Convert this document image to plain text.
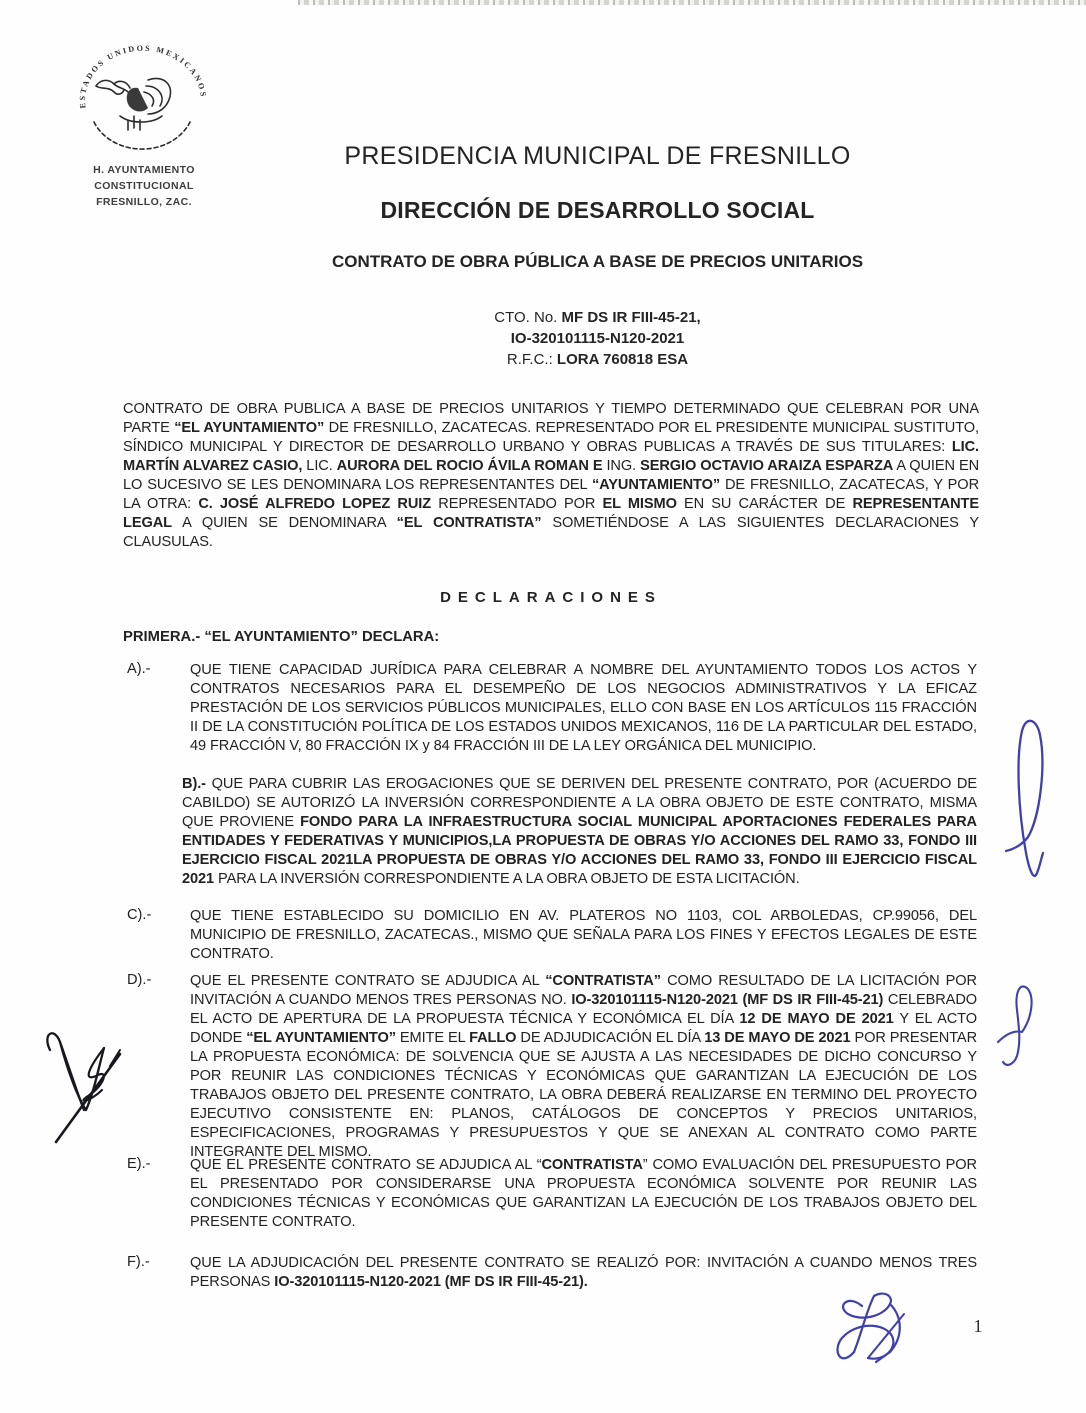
ESTADOS UNIDOS MEXICANOS
H. AYUNTAMIENTO
CONSTITUCIONAL
FRESNILLO, ZAC.
PRESIDENCIA MUNICIPAL DE FRESNILLO
DIRECCIÓN DE DESARROLLO SOCIAL
CONTRATO DE OBRA PÚBLICA A BASE DE PRECIOS UNITARIOS
CTO. No. MF DS IR FIII-45-21,
IO-320101115-N120-2021
R.F.C.: LORA 760818 ESA
CONTRATO DE OBRA PUBLICA A BASE DE PRECIOS UNITARIOS Y TIEMPO DETERMINADO QUE CELEBRAN POR UNA PARTE “EL AYUNTAMIENTO” DE FRESNILLO, ZACATECAS. REPRESENTADO POR EL PRESIDENTE MUNICIPAL SUSTITUTO, SÍNDICO MUNICIPAL Y DIRECTOR DE DESARROLLO URBANO Y OBRAS PUBLICAS A TRAVÉS DE SUS TITULARES: LIC. MARTÍN ALVAREZ CASIO, LIC. AURORA DEL ROCIO ÁVILA ROMAN E ING. SERGIO OCTAVIO ARAIZA ESPARZA A QUIEN EN LO SUCESIVO SE LES DENOMINARA LOS REPRESENTANTES DEL “AYUNTAMIENTO” DE FRESNILLO, ZACATECAS, Y POR LA OTRA: C. JOSÉ ALFREDO LOPEZ RUIZ REPRESENTADO POR EL MISMO EN SU CARÁCTER DE REPRESENTANTE LEGAL A QUIEN SE DENOMINARA “EL CONTRATISTA” SOMETIÉNDOSE A LAS SIGUIENTES DECLARACIONES Y CLAUSULAS.
DECLARACIONES
PRIMERA.- “EL AYUNTAMIENTO” DECLARA:
A).-	QUE TIENE CAPACIDAD JURÍDICA PARA CELEBRAR A NOMBRE DEL AYUNTAMIENTO TODOS LOS ACTOS Y CONTRATOS NECESARIOS PARA EL DESEMPEÑO DE LOS NEGOCIOS ADMINISTRATIVOS Y LA EFICAZ PRESTACIÓN DE LOS SERVICIOS PÚBLICOS MUNICIPALES, ELLO CON BASE EN LOS ARTÍCULOS 115 FRACCIÓN II DE LA CONSTITUCIÓN POLÍTICA DE LOS ESTADOS UNIDOS MEXICANOS, 116 DE LA PARTICULAR DEL ESTADO, 49 FRACCIÓN V, 80 FRACCIÓN IX y 84 FRACCIÓN III DE LA LEY ORGÁNICA DEL MUNICIPIO.
B).- QUE PARA CUBRIR LAS EROGACIONES QUE SE DERIVEN DEL PRESENTE CONTRATO, POR (ACUERDO DE CABILDO) SE AUTORIZÓ LA INVERSIÓN CORRESPONDIENTE A LA OBRA OBJETO DE ESTE CONTRATO, MISMA QUE PROVIENE FONDO PARA LA INFRAESTRUCTURA SOCIAL MUNICIPAL APORTACIONES FEDERALES PARA ENTIDADES Y FEDERATIVAS Y MUNICIPIOS,LA PROPUESTA DE OBRAS Y/O ACCIONES DEL RAMO 33, FONDO III EJERCICIO FISCAL 2021LA PROPUESTA DE OBRAS Y/O ACCIONES DEL RAMO 33, FONDO III EJERCICIO FISCAL 2021 PARA LA INVERSIÓN CORRESPONDIENTE A LA OBRA OBJETO DE ESTA LICITACIÓN.
C).-	QUE TIENE ESTABLECIDO SU DOMICILIO EN AV. PLATEROS NO 1103, COL ARBOLEDAS, CP.99056, DEL MUNICIPIO DE FRESNILLO, ZACATECAS., MISMO QUE SEÑALA PARA LOS FINES Y EFECTOS LEGALES DE ESTE CONTRATO.
D).-	QUE EL PRESENTE CONTRATO SE ADJUDICA AL “CONTRATISTA” COMO RESULTADO DE LA LICITACIÓN POR INVITACIÓN A CUANDO MENOS TRES PERSONAS NO. IO-320101115-N120-2021 (MF DS IR FIII-45-21) CELEBRADO EL ACTO DE APERTURA DE LA PROPUESTA TÉCNICA Y ECONÓMICA EL DÍA 12 DE MAYO DE 2021 Y EL ACTO DONDE “EL AYUNTAMIENTO” EMITE EL FALLO DE ADJUDICACIÓN EL DÍA 13 DE MAYO DE 2021 POR PRESENTAR LA PROPUESTA ECONÓMICA: DE SOLVENCIA QUE SE AJUSTA A LAS NECESIDADES DE DICHO CONCURSO Y POR REUNIR LAS CONDICIONES TÉCNICAS Y ECONÓMICAS QUE GARANTIZAN LA EJECUCIÓN DE LOS TRABAJOS OBJETO DEL PRESENTE CONTRATO, LA OBRA DEBERÁ REALIZARSE EN TERMINO DEL PROYECTO EJECUTIVO CONSISTENTE EN: PLANOS, CATÁLOGOS DE CONCEPTOS Y PRECIOS UNITARIOS, ESPECIFICACIONES, PROGRAMAS Y PRESUPUESTOS Y QUE SE ANEXAN AL CONTRATO COMO PARTE INTEGRANTE DEL MISMO.
E).-	QUE EL PRESENTE CONTRATO SE ADJUDICA AL “CONTRATISTA” COMO EVALUACIÓN DEL PRESUPUESTO POR EL PRESENTADO POR CONSIDERARSE UNA PROPUESTA ECONÓMICA SOLVENTE POR REUNIR LAS CONDICIONES TÉCNICAS Y ECONÓMICAS QUE GARANTIZAN LA EJECUCIÓN DE LOS TRABAJOS OBJETO DEL PRESENTE CONTRATO.
F).-	QUE LA ADJUDICACIÓN DEL PRESENTE CONTRATO SE REALIZÓ POR: INVITACIÓN A CUANDO MENOS TRES PERSONAS IO-320101115-N120-2021 (MF DS IR FIII-45-21).
1
